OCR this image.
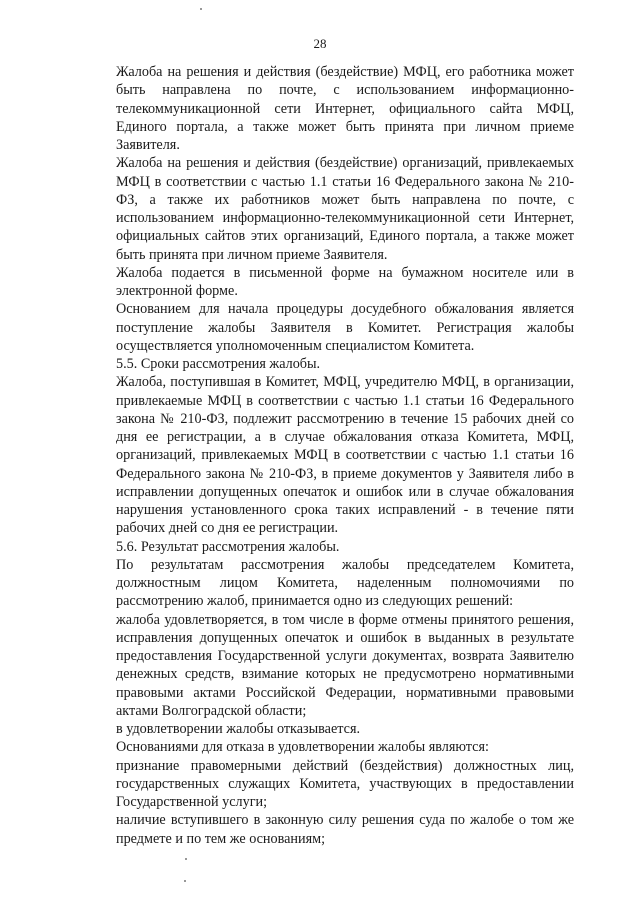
28

Жалоба на решения и действия (бездействие) МФЦ, его работника может быть направлена по почте, с использованием информационно-телекоммуникационной сети Интернет, официального сайта МФЦ, Единого портала, а также может быть принята при личном приеме Заявителя.

Жалоба на решения и действия (бездействие) организаций, привлекаемых МФЦ в соответствии с частью 1.1 статьи 16 Федерального закона № 210-ФЗ, а также их работников может быть направлена по почте, с использованием информационно-телекоммуникационной сети Интернет, официальных сайтов этих организаций, Единого портала, а также может быть принята при личном приеме Заявителя.

Жалоба подается в письменной форме на бумажном носителе или в электронной форме.

Основанием для начала процедуры досудебного обжалования является поступление жалобы Заявителя в Комитет. Регистрация жалобы осуществляется уполномоченным специалистом Комитета.

5.5. Сроки рассмотрения жалобы.

Жалоба, поступившая в Комитет, МФЦ, учредителю МФЦ, в организации, привлекаемые МФЦ в соответствии с частью 1.1 статьи 16 Федерального закона № 210-ФЗ, подлежит рассмотрению в течение 15 рабочих дней со дня ее регистрации, а в случае обжалования отказа Комитета, МФЦ, организаций, привлекаемых МФЦ в соответствии с частью 1.1 статьи 16 Федерального закона № 210-ФЗ, в приеме документов у Заявителя либо в исправлении допущенных опечаток и ошибок или в случае обжалования нарушения установленного срока таких исправлений - в течение пяти рабочих дней со дня ее регистрации.

5.6. Результат рассмотрения жалобы.

По результатам рассмотрения жалобы председателем Комитета, должностным лицом Комитета, наделенным полномочиями по рассмотрению жалоб, принимается одно из следующих решений:

жалоба удовлетворяется, в том числе в форме отмены принятого решения, исправления допущенных опечаток и ошибок в выданных в результате предоставления Государственной услуги документах, возврата Заявителю денежных средств, взимание которых не предусмотрено нормативными правовыми актами Российской Федерации, нормативными правовыми актами Волгоградской области;

в удовлетворении жалобы отказывается.

Основаниями для отказа в удовлетворении жалобы являются:

признание правомерными действий (бездействия) должностных лиц, государственных служащих Комитета, участвующих в предоставлении Государственной услуги;

наличие вступившего в законную силу решения суда по жалобе о том же предмете и по тем же основаниям;
